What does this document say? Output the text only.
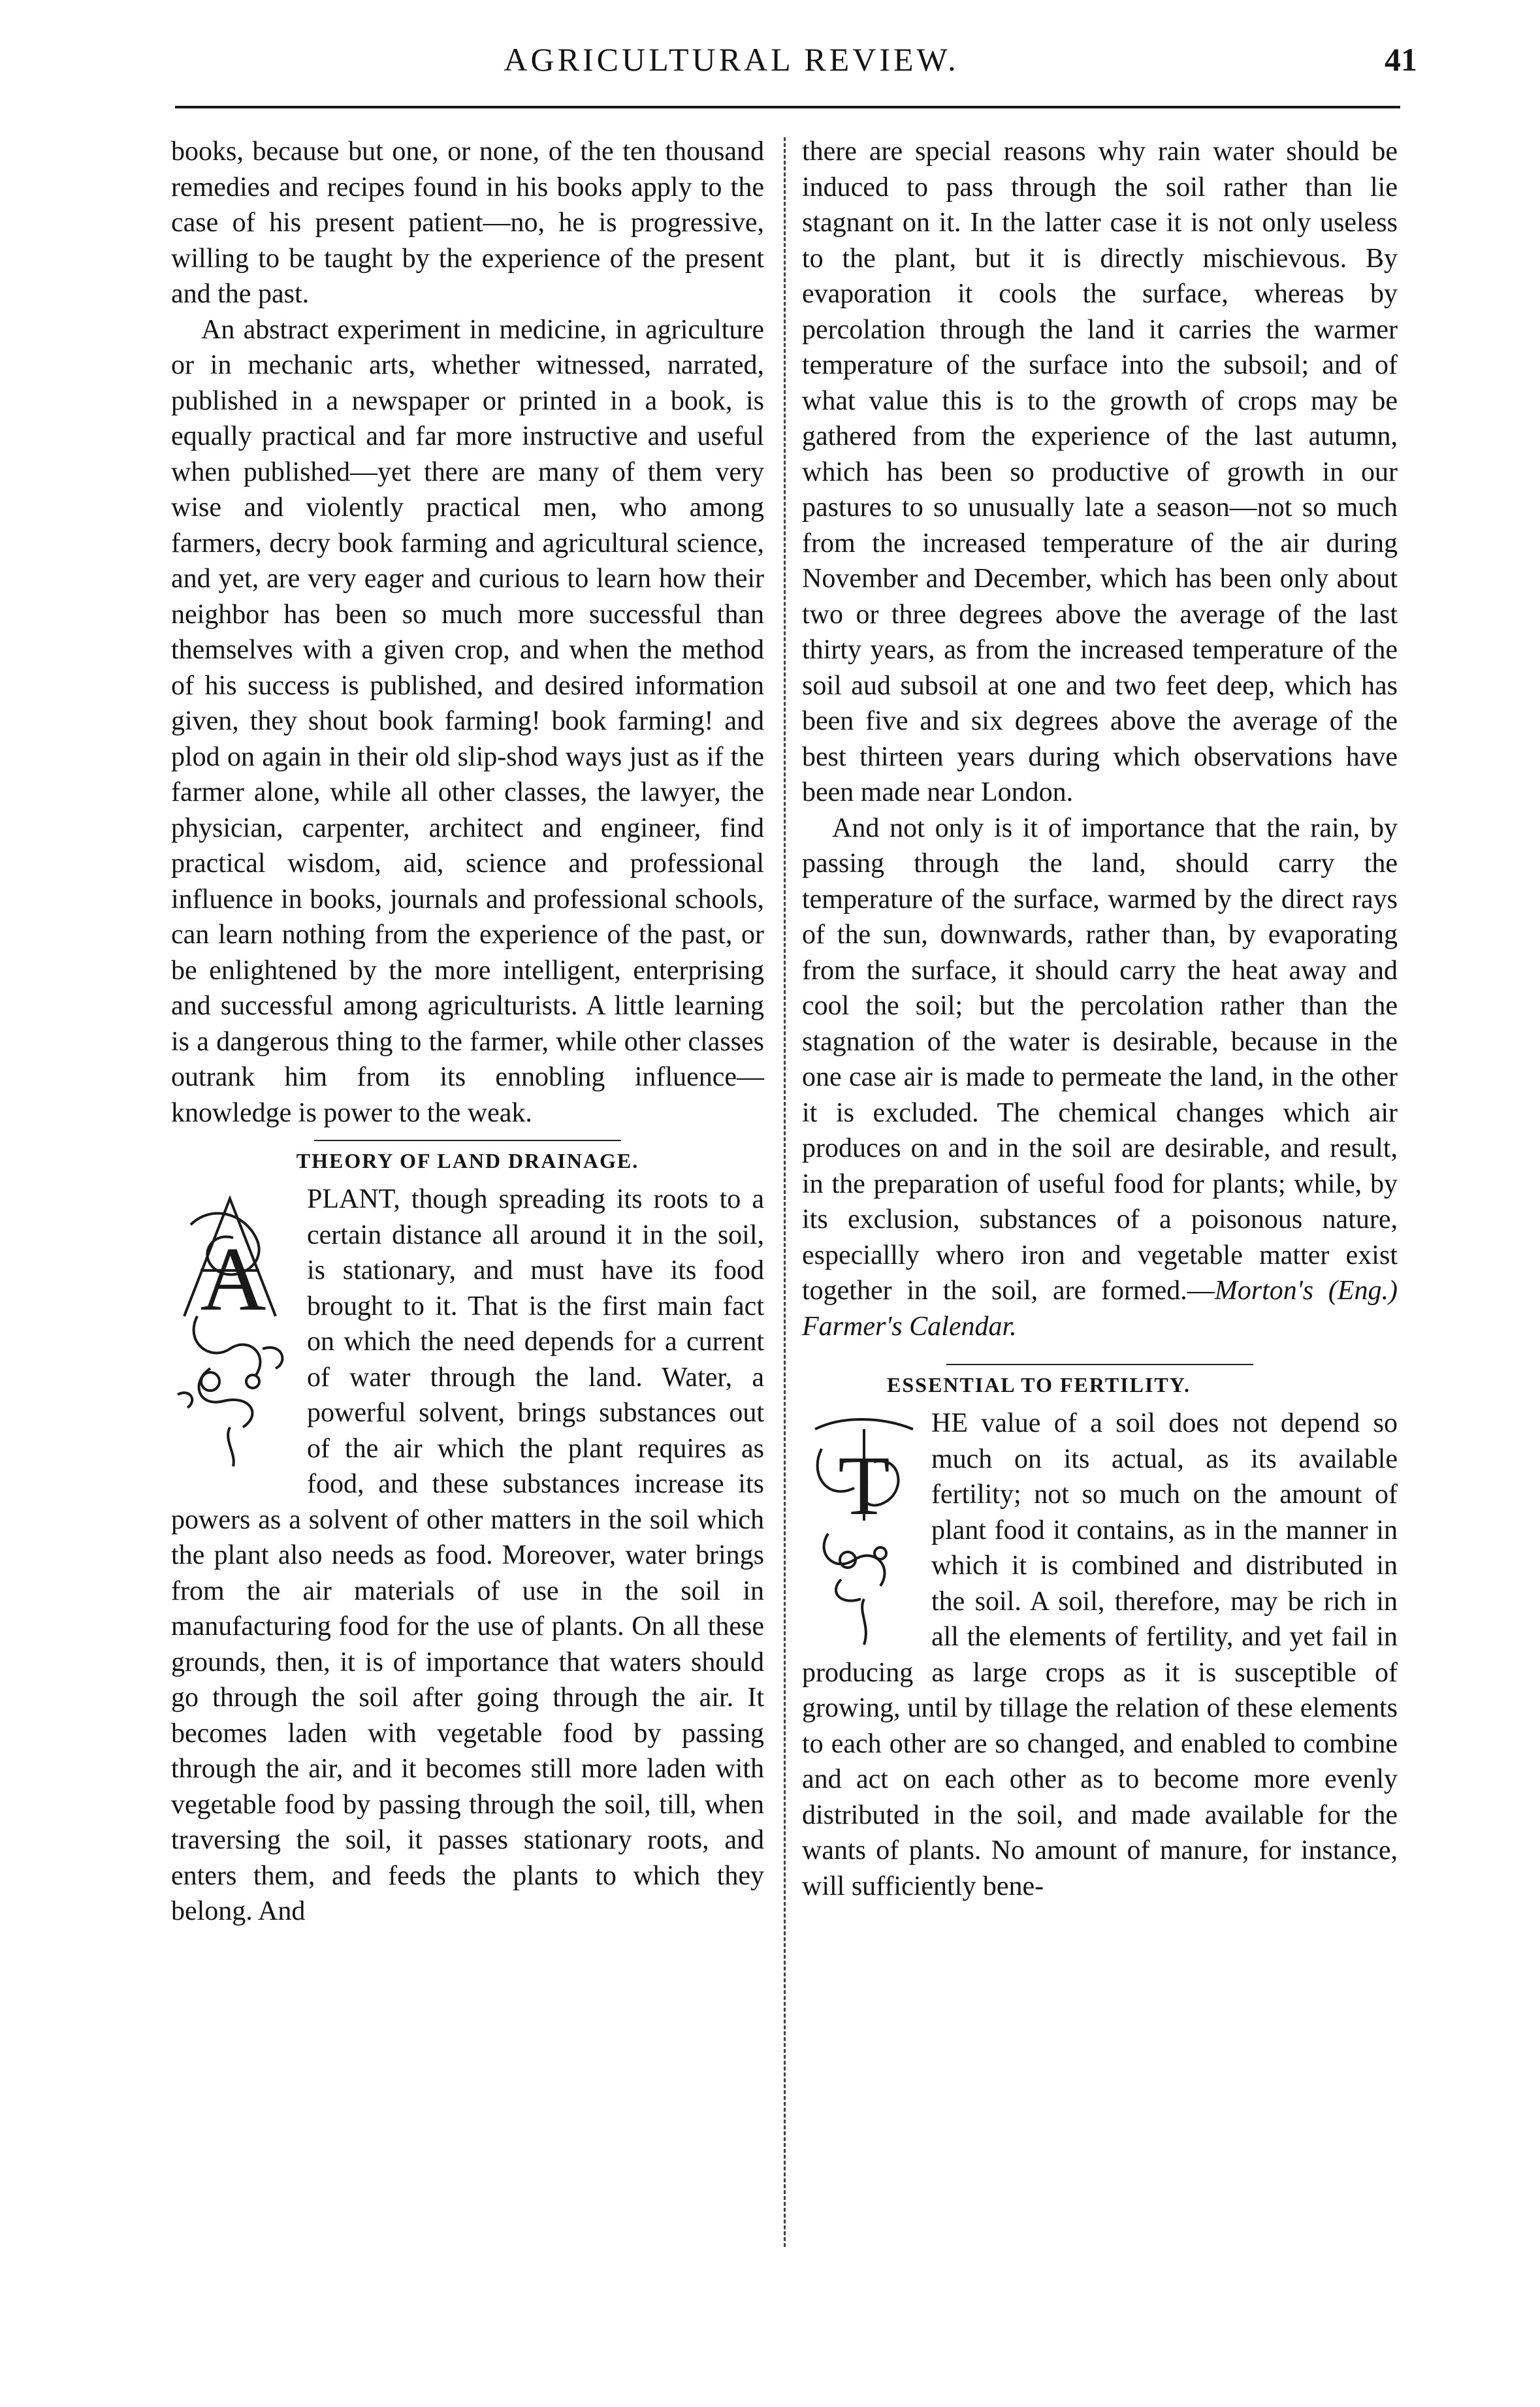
AGRICULTURAL REVIEW.	41

books, because but one, or none, of the ten thousand remedies and recipes found in his books apply to the case of his present patient—no, he is progressive, willing to be taught by the experience of the present and the past.

An abstract experiment in medicine, in agriculture or in mechanic arts, whether witnessed, narrated, published in a newspaper or printed in a book, is equally practical and far more instructive and useful when published—yet there are many of them very wise and violently practical men, who among farmers, decry book farming and agricultural science, and yet, are very eager and curious to learn how their neighbor has been so much more successful than themselves with a given crop, and when the method of his success is published, and desired information given, they shout book farming! book farming! and plod on again in their old slip-shod ways just as if the farmer alone, while all other classes, the lawyer, the physician, carpenter, architect and engineer, find practical wisdom, aid, science and professional influence in books, journals and professional schools, can learn nothing from the experience of the past, or be enlightened by the more intelligent, enterprising and successful among agriculturists. A little learning is a dangerous thing to the farmer, while other classes outrank him from its ennobling influence—knowledge is power to the weak.

THEORY OF LAND DRAINAGE.
A

PLANT, though spreading its roots to a certain distance all around it in the soil, is stationary, and must have its food brought to it. That is the first main fact on which the need depends for a current of water through the land. Water, a powerful solvent, brings substances out of the air which the plant requires as food, and these substances increase its powers as a solvent of other matters in the soil which the plant also needs as food. Moreover, water brings from the air materials of use in the soil in manufacturing food for the use of plants. On all these grounds, then, it is of importance that waters should go through the soil after going through the air. It becomes laden with vegetable food by passing through the air, and it becomes still more laden with vegetable food by passing through the soil, till, when traversing the soil, it passes stationary roots, and enters them, and feeds the plants to which they belong. And

there are special reasons why rain water should be induced to pass through the soil rather than lie stagnant on it. In the latter case it is not only useless to the plant, but it is directly mischievous. By evaporation it cools the surface, whereas by percolation through the land it carries the warmer temperature of the surface into the subsoil; and of what value this is to the growth of crops may be gathered from the experience of the last autumn, which has been so productive of growth in our pastures to so unusually late a season—not so much from the increased temperature of the air during November and December, which has been only about two or three degrees above the average of the last thirty years, as from the increased temperature of the soil aud subsoil at one and two feet deep, which has been five and six degrees above the average of the best thirteen years during which observations have been made near London.

And not only is it of importance that the rain, by passing through the land, should carry the temperature of the surface, warmed by the direct rays of the sun, downwards, rather than, by evaporating from the surface, it should carry the heat away and cool the soil; but the percolation rather than the stagnation of the water is desirable, because in the one case air is made to permeate the land, in the other it is excluded. The chemical changes which air produces on and in the soil are desirable, and result, in the preparation of useful food for plants; while, by its exclusion, substances of a poisonous nature, especiallly whero iron and vegetable matter exist together in the soil, are formed.—Morton's (Eng.) Farmer's Calendar.

ESSENTIAL TO FERTILITY.
T

HE value of a soil does not depend so much on its actual, as its available fertility; not so much on the amount of plant food it contains, as in the manner in which it is combined and distributed in the soil. A soil, therefore, may be rich in all the elements of fertility, and yet fail in producing as large crops as it is susceptible of growing, until by tillage the relation of these elements to each other are so changed, and enabled to combine and act on each other as to become more evenly distributed in the soil, and made available for the wants of plants. No amount of manure, for instance, will sufficiently bene-
